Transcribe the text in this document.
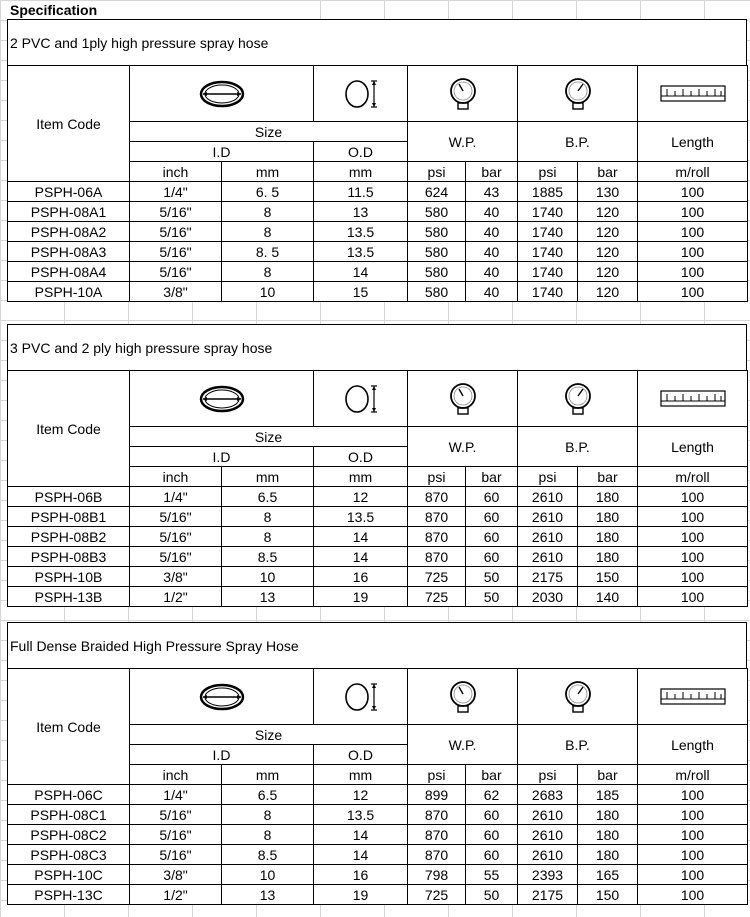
Specification
2 PVC and 1ply high pressure spray hose
Item Code	

	Size			W.P.		B.P.		Length
	I.D		O.D					
	inch	mm	mm	psi	bar	psi	bar	m/roll
PSPH-06A	1/4"	6. 5	11.5	624	43	1885	130	100
PSPH-08A1	5/16"	8	13	580	40	1740	120	100
PSPH-08A2	5/16"	8	13.5	580	40	1740	120	100
PSPH-08A3	5/16"	8. 5	13.5	580	40	1740	120	100
PSPH-08A4	5/16"	8	14	580	40	1740	120	100
PSPH-10A	3/8"	10	15	580	40	1740	120	100
3 PVC and 2 ply high pressure spray hose
Item Code	

	Size			W.P.		B.P.		Length
	I.D		O.D					
	inch	mm	mm	psi	bar	psi	bar	m/roll
PSPH-06B	1/4"	6.5	12	870	60	2610	180	100
PSPH-08B1	5/16"	8	13.5	870	60	2610	180	100
PSPH-08B2	5/16"	8	14	870	60	2610	180	100
PSPH-08B3	5/16"	8.5	14	870	60	2610	180	100
PSPH-10B	3/8"	10	16	725	50	2175	150	100
PSPH-13B	1/2"	13	19	725	50	2030	140	100
Full Dense Braided High Pressure Spray Hose
Item Code	

	Size			W.P.		B.P.		Length
	I.D		O.D					
	inch	mm	mm	psi	bar	psi	bar	m/roll
PSPH-06C	1/4"	6.5	12	899	62	2683	185	100
PSPH-08C1	5/16"	8	13.5	870	60	2610	180	100
PSPH-08C2	5/16"	8	14	870	60	2610	180	100
PSPH-08C3	5/16"	8.5	14	870	60	2610	180	100
PSPH-10C	3/8"	10	16	798	55	2393	165	100
PSPH-13C	1/2"	13	19	725	50	2175	150	100
